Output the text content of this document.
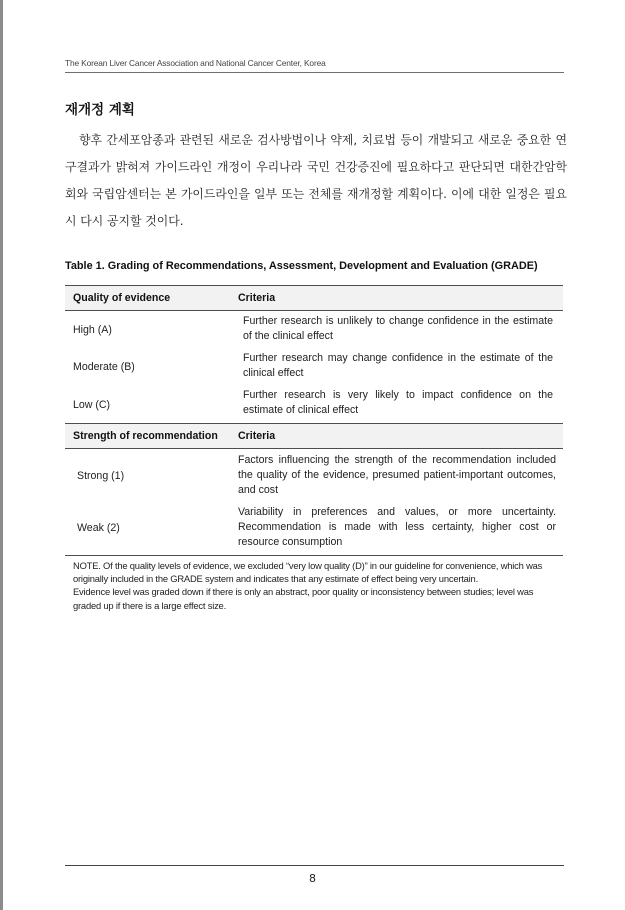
The Korean Liver Cancer Association and National Cancer Center, Korea
재개정 계획

향후 간세포암종과 관련된 새로운 검사방법이나 약제, 치료법 등이 개발되고 새로운 중요한 연구결과가 밝혀져 가이드라인 개정이 우리나라 국민 건강증진에 필요하다고 판단되면 대한간암학회와 국립암센터는 본 가이드라인을 일부 또는 전체를 재개정할 계획이다. 이에 대한 일정은 필요시 다시 공지할 것이다.

Table 1. Grading of Recommendations, Assessment, Development and Evaluation (GRADE)
Quality of evidence	Criteria
High (A)
Further research is unlikely to change confidence in the estimate of the clinical effect
Moderate (B)
Further research may change confidence in the estimate of the clinical effect
Low (C)
Further research is very likely to impact confidence on the estimate of clinical effect
Strength of recommendation Criteria
Strong (1)
Factors influencing the strength of the recommendation included the quality of the evidence, presumed patient-important outcomes, and cost
Weak (2)
Variability in preferences and values, or more uncertainty. Recommendation is made with less certainty, higher cost or resource consumption

NOTE. Of the quality levels of evidence, we excluded “very low quality (D)” in our guideline for convenience, which was originally included in the GRADE system and indicates that any estimate of effect being very uncertain.

Evidence level was graded down if there is only an abstract, poor quality or inconsistency between studies; level was graded up if there is a large effect size.

8
